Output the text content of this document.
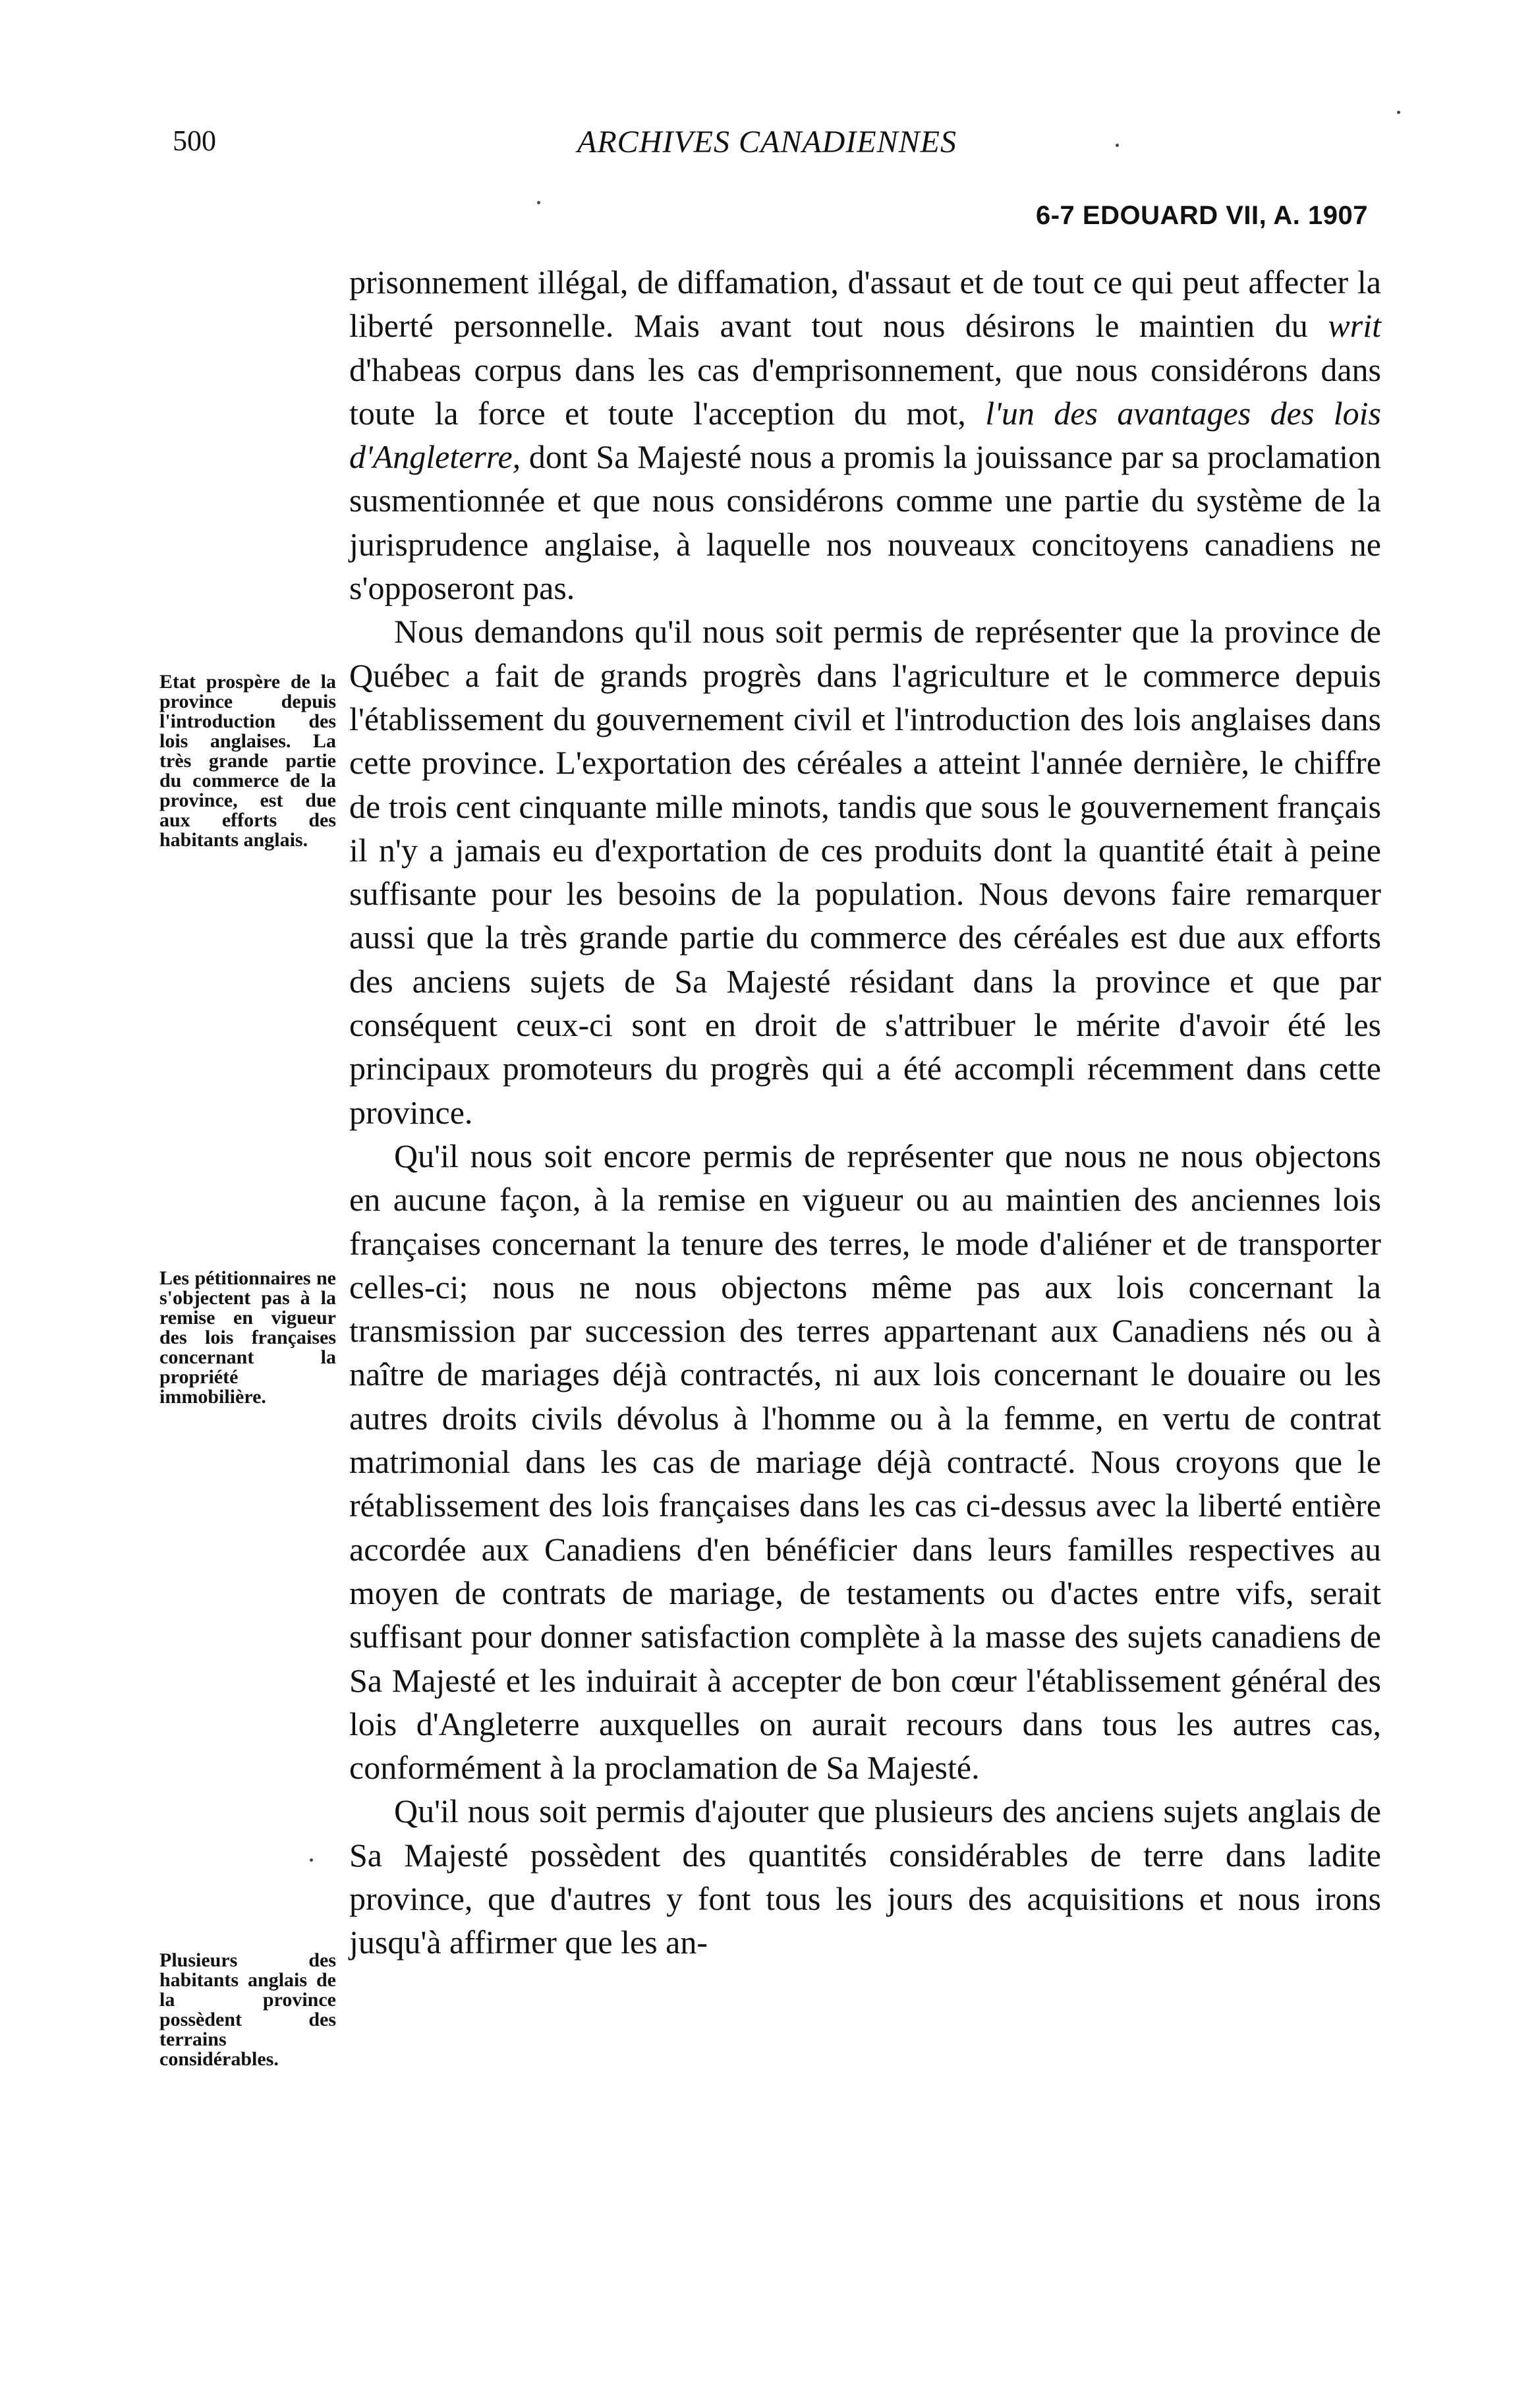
500	ARCHIVES CANADIENNES
6-7 EDOUARD VII, A. 1907
Etat prospère de la province depuis l'introduction des lois anglaises. La très grande partie du commerce de la province, est due aux efforts des habitants anglais.
Les pétitionnaires ne s'objectent pas à la remise en vigueur des lois françaises concernant la propriété immobilière.
Plusieurs des habitants anglais de la province possèdent des terrains considérables.

prisonnement illégal, de diffamation, d'assaut et de tout ce qui peut affecter la liberté personnelle. Mais avant tout nous désirons le maintien du writ d'habeas corpus dans les cas d'emprisonnement, que nous considérons dans toute la force et toute l'acception du mot, l'un des avantages des lois d'Angleterre, dont Sa Majesté nous a promis la jouissance par sa proclamation susmentionnée et que nous considérons comme une partie du système de la jurisprudence anglaise, à laquelle nos nouveaux concitoyens canadiens ne s'opposeront pas.

Nous demandons qu'il nous soit permis de représenter que la province de Québec a fait de grands progrès dans l'agriculture et le commerce depuis l'établissement du gouvernement civil et l'introduction des lois anglaises dans cette province. L'exportation des céréales a atteint l'année dernière, le chiffre de trois cent cinquante mille minots, tandis que sous le gouvernement français il n'y a jamais eu d'exportation de ces produits dont la quantité était à peine suffisante pour les besoins de la population. Nous devons faire remarquer aussi que la très grande partie du commerce des céréales est due aux efforts des anciens sujets de Sa Majesté résidant dans la province et que par conséquent ceux-ci sont en droit de s'attribuer le mérite d'avoir été les principaux promoteurs du progrès qui a été accompli récemment dans cette province.

Qu'il nous soit encore permis de représenter que nous ne nous objectons en aucune façon, à la remise en vigueur ou au maintien des anciennes lois françaises concernant la tenure des terres, le mode d'aliéner et de transporter celles-ci; nous ne nous objectons même pas aux lois concernant la transmission par succession des terres appartenant aux Canadiens nés ou à naître de mariages déjà contractés, ni aux lois concernant le douaire ou les autres droits civils dévolus à l'homme ou à la femme, en vertu de contrat matrimonial dans les cas de mariage déjà contracté. Nous croyons que le rétablissement des lois françaises dans les cas ci-dessus avec la liberté entière accordée aux Canadiens d'en bénéficier dans leurs familles respectives au moyen de contrats de mariage, de testaments ou d'actes entre vifs, serait suffisant pour donner satisfaction complète à la masse des sujets canadiens de Sa Majesté et les induirait à accepter de bon cœur l'établissement général des lois d'Angleterre auxquelles on aurait recours dans tous les autres cas, conformément à la proclamation de Sa Majesté.

Qu'il nous soit permis d'ajouter que plusieurs des anciens sujets anglais de Sa Majesté possèdent des quantités considérables de terre dans ladite province, que d'autres y font tous les jours des acquisitions et nous irons jusqu'à affirmer que les an-
